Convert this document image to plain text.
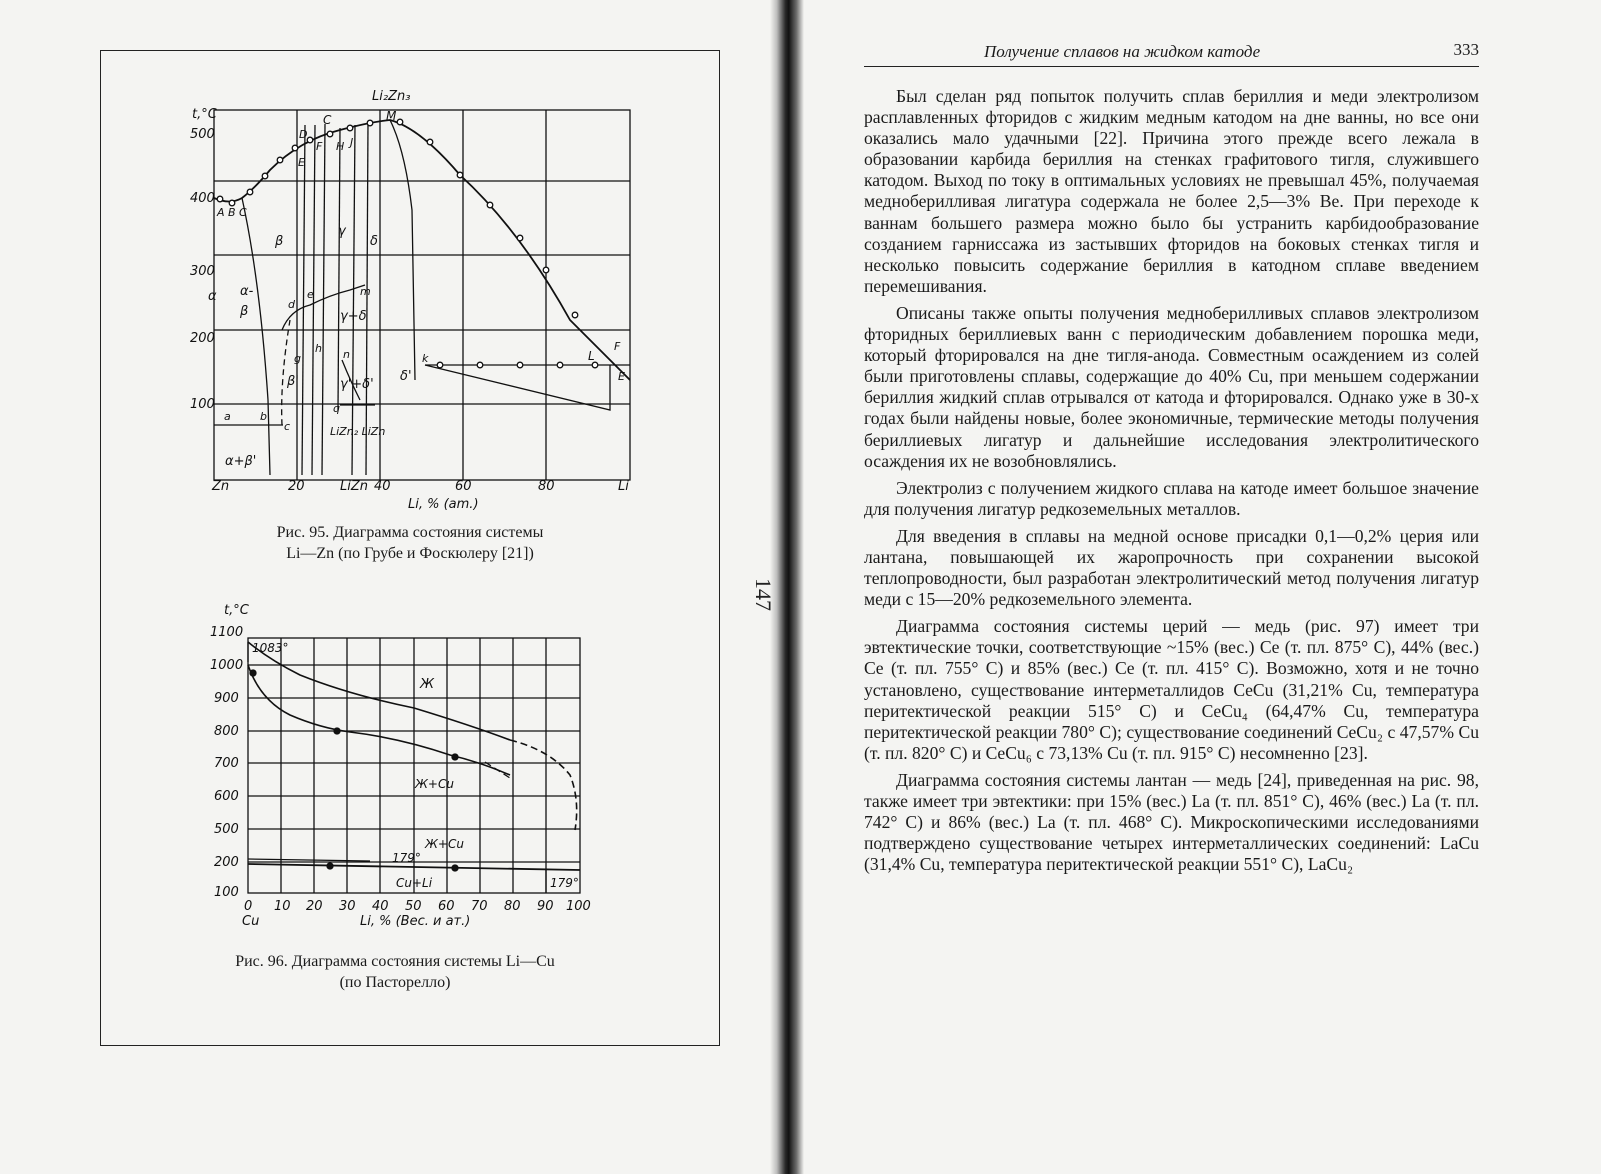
t,°C
500
400
300
200
100
Li₂Zn₃
Zn	20	LiZn 40	60	80	Li
Li, % (am.)
α α-
β
β
α+β'
β'
γ
δ
δ'
γ+δ
γ'+δ'
LiZn₂ LiZn
A B C
C
D
E
F H J
M
L
E
F
a	b
c
d
e
g
h
k
m
n
q
Рис. 95. Диаграмма состояния системы
Li—Zn (по Грубе и Фоскюлеру [21])
t,°C
1100
1000
900
800
700
600
500
200
100
0 10 20 30 40 50 60 70 80 90 100
Cu	Li, % (Вес. и ат.)
1083°
Ж
Ж+Cu
Ж+Cu
179°
Cu+Li	179°
Рис. 96. Диаграмма состояния системы Li—Cu
(по Пасторелло)
147
Получение сплавов на жидком катоде	333

Был сделан ряд попыток получить сплав бериллия и меди электролизом расплавленных фторидов с жидким медным катодом на дне ванны, но все они оказались мало удачными [22]. Причина этого прежде всего лежала в образовании карбида бериллия на стенках графитового тигля, служившего катодом. Выход по току в оптимальных условиях не превышал 45%, получаемая медноберилливая лигатура содержала не более 2,5—3% Be. При переходе к ваннам большего размера можно было бы устранить карбидообразование созданием гарниссажа из застывших фторидов на боковых стенках тигля и несколько повысить содержание бериллия в катодном сплаве введением перемешивания.

Описаны также опыты получения медноберилливых сплавов электролизом фторидных бериллиевых ванн с периодическим добавлением порошка меди, который фторировался на дне тигля-анода. Совместным осаждением из солей были приготовлены сплавы, содержащие до 40% Cu, при меньшем содержании бериллия жидкий сплав отрывался от катода и фторировался. Однако уже в 30-х годах были найдены новые, более экономичные, термические методы получения бериллиевых лигатур и дальнейшие исследования электролитического осаждения их не возобновлялись.

Электролиз с получением жидкого сплава на катоде имеет большое значение для получения лигатур редкоземельных металлов.

Для введения в сплавы на медной основе присадки 0,1—0,2% церия или лантана, повышающей их жаропрочность при сохранении высокой теплопроводности, был разработан электролитический метод получения лигатур меди с 15—20% редкоземельного элемента.

Диаграмма состояния системы церий — медь (рис. 97) имеет три эвтектические точки, соответствующие ~15% (вес.) Ce (т. пл. 875° C), 44% (вес.) Ce (т. пл. 755° C) и 85% (вес.) Ce (т. пл. 415° C). Возможно, хотя и не точно установлено, существование интерметаллидов CeCu (31,21% Cu, температура перитектической реакции 515° C) и CeCu₄ (64,47% Cu, температура перитектической реакции 780° C); существование соединений CeCu₂ с 47,57% Cu (т. пл. 820° C) и CeCu₆ с 73,13% Cu (т. пл. 915° C) несомненно [23].

Диаграмма состояния системы лантан — медь [24], приведенная на рис. 98, также имеет три эвтектики: при 15% (вес.) La (т. пл. 851° C), 46% (вес.) La (т. пл. 742° C) и 86% (вес.) La (т. пл. 468° C). Микроскопическими исследованиями подтверждено существование четырех интерметаллических соединений: LaCu (31,4% Cu, температура перитектической реакции 551° C), LaCu₂
